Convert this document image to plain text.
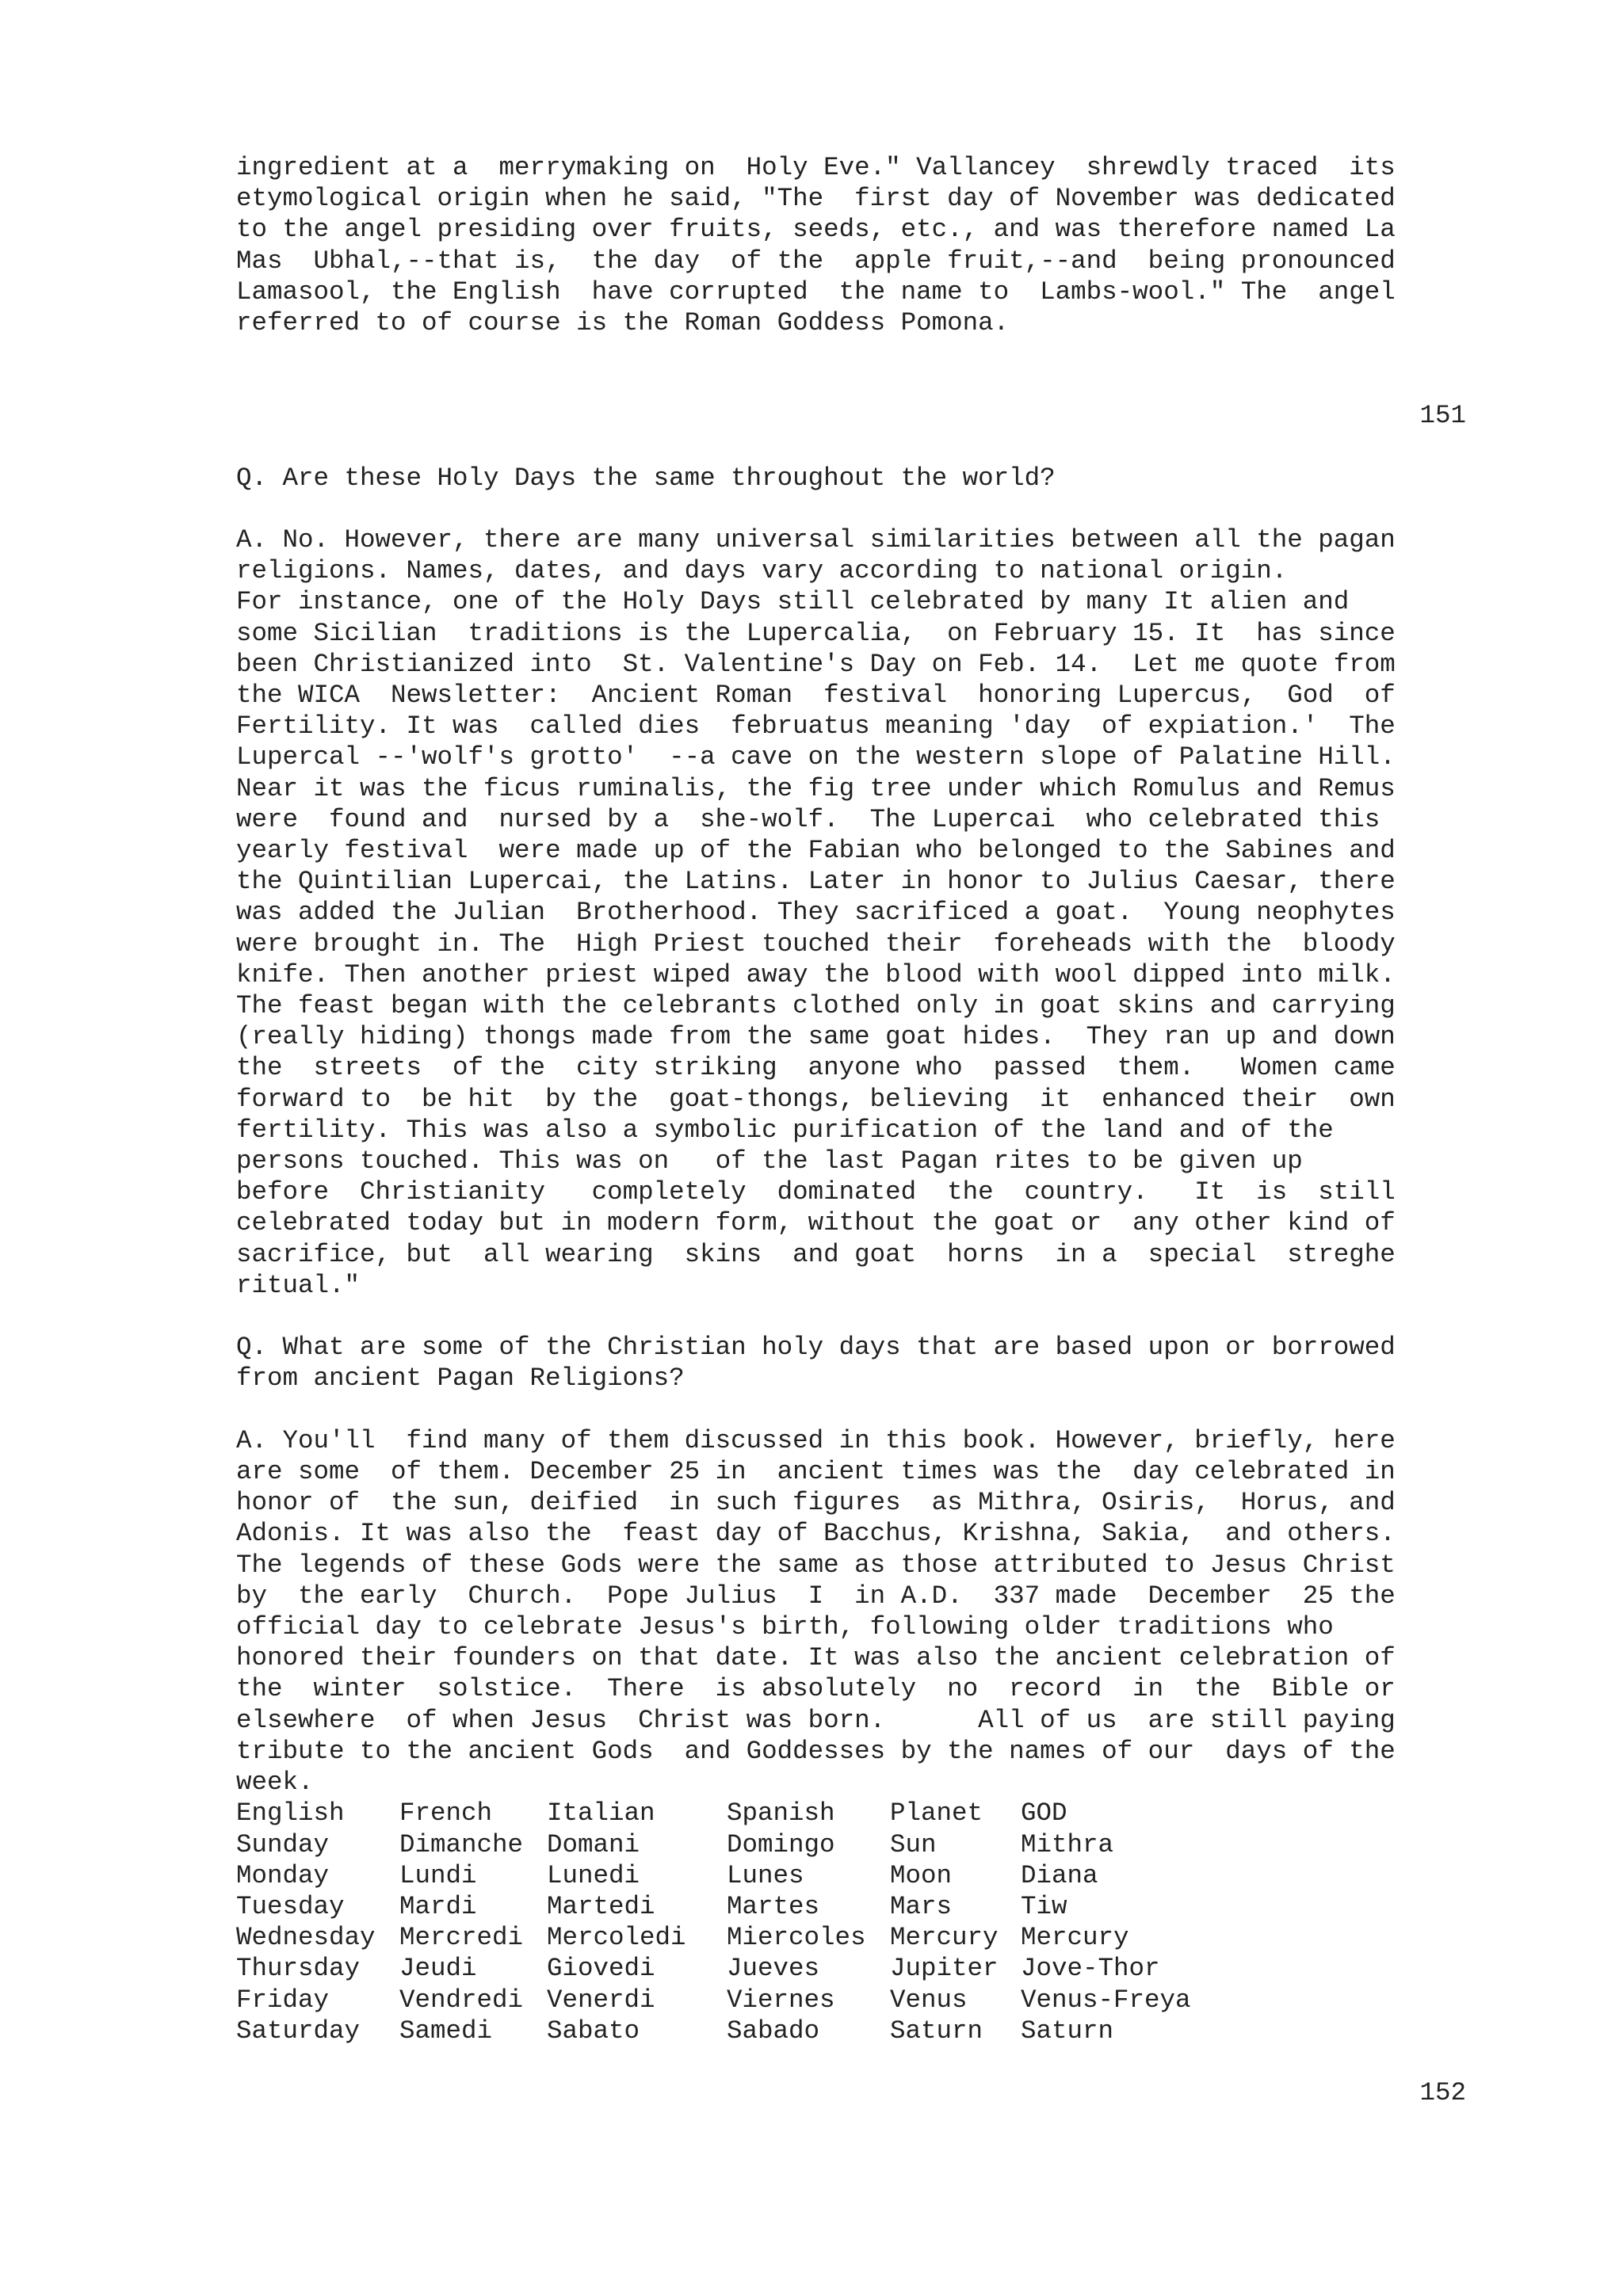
ingredient at a  merrymaking on  Holy Eve." Vallancey  shrewdly traced  its
etymological origin when he said, "The  first day of November was dedicated
to the angel presiding over fruits, seeds, etc., and was therefore named La
Mas  Ubhal,--that is,  the day  of the  apple fruit,--and  being pronounced
Lamasool, the English  have corrupted  the name to  Lambs-wool." The  angel
referred to of course is the Roman Goddess Pomona.
151
Q. Are these Holy Days the same throughout the world?
A. No. However, there are many universal similarities between all the pagan
religions. Names, dates, and days vary according to national origin.
For instance, one of the Holy Days still celebrated by many It alien and
some Sicilian  traditions is the Lupercalia,  on February 15. It  has since
been Christianized into  St. Valentine's Day on Feb. 14.  Let me quote from
the WICA  Newsletter:  Ancient Roman  festival  honoring Lupercus,  God  of
Fertility. It was  called dies  februatus meaning 'day  of expiation.'  The
Lupercal --'wolf's grotto'  --a cave on the western slope of Palatine Hill.
Near it was the ficus ruminalis, the fig tree under which Romulus and Remus
were  found and  nursed by a  she-wolf.  The Lupercai  who celebrated this
yearly festival  were made up of the Fabian who belonged to the Sabines and
the Quintilian Lupercai, the Latins. Later in honor to Julius Caesar, there
was added the Julian  Brotherhood. They sacrificed a goat.  Young neophytes
were brought in. The  High Priest touched their  foreheads with the  bloody
knife. Then another priest wiped away the blood with wool dipped into milk.
The feast began with the celebrants clothed only in goat skins and carrying
(really hiding) thongs made from the same goat hides.  They ran up and down
the  streets  of the  city striking  anyone who  passed  them.   Women came
forward to  be hit  by the  goat-thongs, believing  it  enhanced their  own
fertility. This was also a symbolic purification of the land and of the
persons touched. This was on   of the last Pagan rites to be given up
before  Christianity   completely  dominated  the  country.   It  is  still
celebrated today but in modern form, without the goat or  any other kind of
sacrifice, but  all wearing  skins  and goat  horns  in a  special  streghe
ritual."
Q. What are some of the Christian holy days that are based upon or borrowed
from ancient Pagan Religions?
A. You'll  find many of them discussed in this book. However, briefly, here
are some  of them. December 25 in  ancient times was the  day celebrated in
honor of  the sun, deified  in such figures  as Mithra, Osiris,  Horus, and
Adonis. It was also the  feast day of Bacchus, Krishna, Sakia,  and others.
The legends of these Gods were the same as those attributed to Jesus Christ
by  the early  Church.  Pope Julius  I  in A.D.  337 made  December  25 the
official day to celebrate Jesus's birth, following older traditions who
honored their founders on that date. It was also the ancient celebration of
the  winter  solstice.  There  is absolutely  no  record  in  the  Bible or
elsewhere  of when Jesus  Christ was born.      All of us  are still paying
tribute to the ancient Gods  and Goddesses by the names of our  days of the
week.
English	French	Italian	Spanish	Planet	GOD
Sunday	Dimanche	Domani	Domingo	Sun	Mithra
Monday	Lundi	Lunedi	Lunes	Moon	Diana
Tuesday	Mardi	Martedi	Martes	Mars	Tiw
Wednesday	Mercredi	Mercoledi	Miercoles	Mercury	Mercury
Thursday	Jeudi	Giovedi	Jueves	Jupiter	Jove-Thor
Friday	Vendredi	Venerdi	Viernes	Venus	Venus-Freya
Saturday	Samedi	Sabato	Sabado	Saturn	Saturn
152
